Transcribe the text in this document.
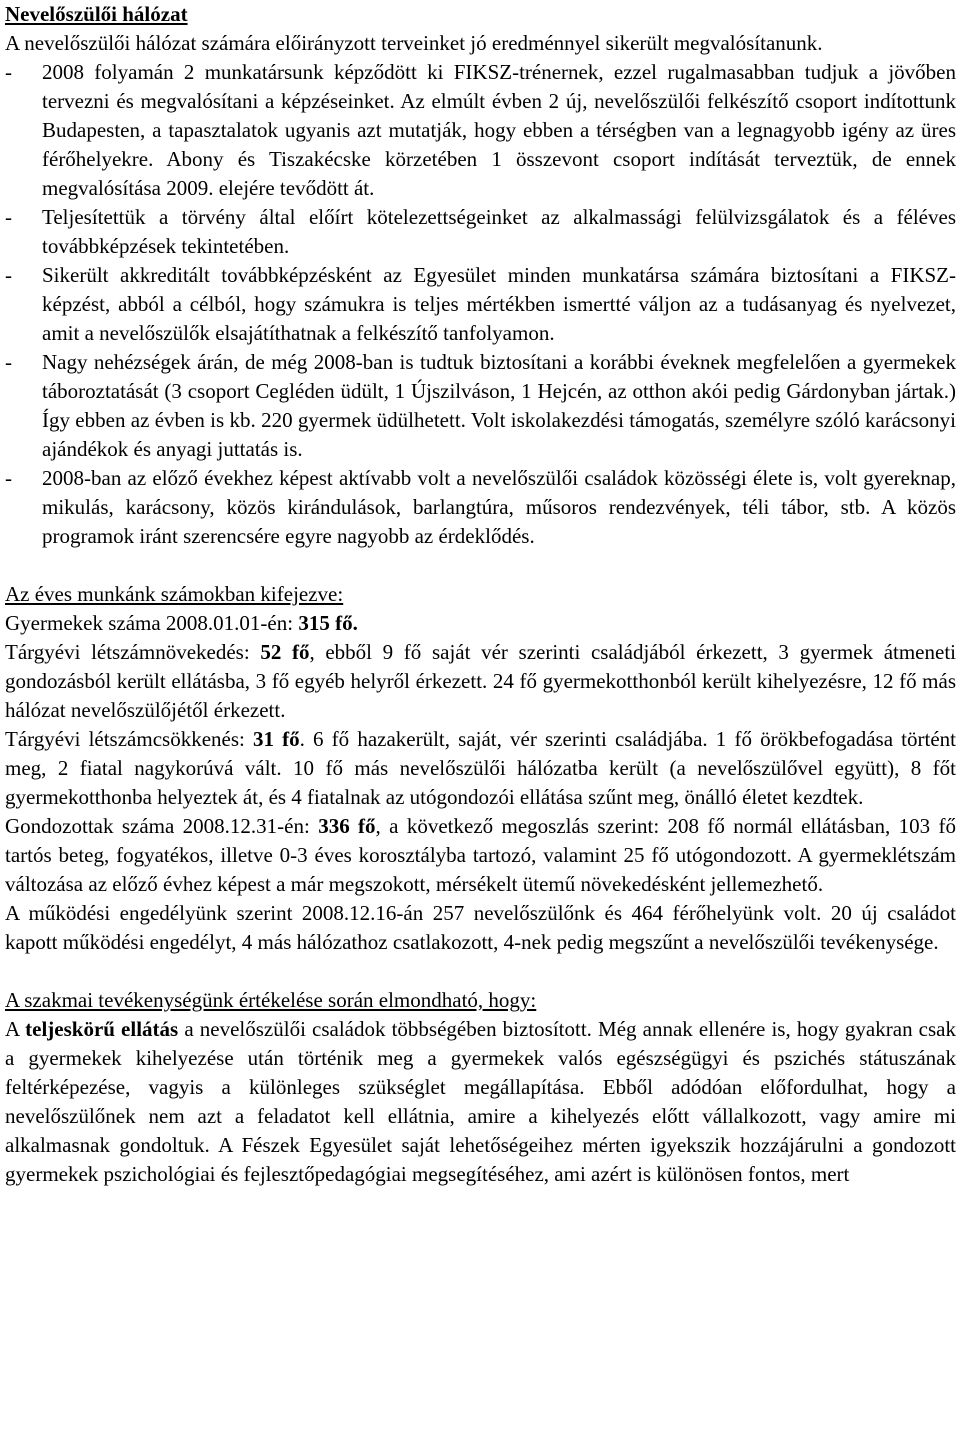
Nevelőszülői hálózat

A nevelőszülői hálózat számára előirányzott terveinket jó eredménnyel sikerült megvalósítanunk.

- 2008 folyamán 2 munkatársunk képződött ki FIKSZ-trénernek, ezzel rugalmasabban tudjuk a jövőben tervezni és megvalósítani a képzéseinket. Az elmúlt évben 2 új, nevelőszülői felkészítő csoport indítottunk Budapesten, a tapasztalatok ugyanis azt mutatják, hogy ebben a térségben van a legnagyobb igény az üres férőhelyekre. Abony és Tiszakécske körzetében 1 összevont csoport indítását terveztük, de ennek megvalósítása 2009. elejére tevődött át.
- Teljesítettük a törvény által előírt kötelezettségeinket az alkalmassági felülvizsgálatok és a féléves továbbképzések tekintetében.
- Sikerült akkreditált továbbképzésként az Egyesület minden munkatársa számára biztosítani a FIKSZ-képzést, abból a célból, hogy számukra is teljes mértékben ismertté váljon az a tudásanyag és nyelvezet, amit a nevelőszülők elsajátíthatnak a felkészítő tanfolyamon.
- Nagy nehézségek árán, de még 2008-ban is tudtuk biztosítani a korábbi éveknek megfelelően a gyermekek táboroztatását (3 csoport Cegléden üdült, 1 Újszilváson, 1 Hejcén, az otthon akói pedig Gárdonyban jártak.) Így ebben az évben is kb. 220 gyermek üdülhetett. Volt iskolakezdési támogatás, személyre szóló karácsonyi ajándékok és anyagi juttatás is.
- 2008-ban az előző évekhez képest aktívabb volt a nevelőszülői családok közösségi élete is, volt gyereknap, mikulás, karácsony, közös kirándulások, barlangtúra, műsoros rendezvények, téli tábor, stb. A közös programok iránt szerencsére egyre nagyobb az érdeklődés.
Az éves munkánk számokban kifejezve:

Gyermekek száma 2008.01.01-én: 315 fő.

Tárgyévi létszámnövekedés: 52 fő, ebből 9 fő saját vér szerinti családjából érkezett, 3 gyermek átmeneti gondozásból került ellátásba, 3 fő egyéb helyről érkezett. 24 fő gyermekotthonból került kihelyezésre, 12 fő más hálózat nevelőszülőjétől érkezett.

Tárgyévi létszámcsökkenés: 31 fő. 6 fő hazakerült, saját, vér szerinti családjába. 1 fő örökbefogadása történt meg, 2 fiatal nagykorúvá vált. 10 fő más nevelőszülői hálózatba került (a nevelőszülővel együtt), 8 főt gyermekotthonba helyeztek át, és 4 fiatalnak az utógondozói ellátása szűnt meg, önálló életet kezdtek.

Gondozottak száma 2008.12.31-én: 336 fő, a következő megoszlás szerint: 208 fő normál ellátásban, 103 fő tartós beteg, fogyatékos, illetve 0-3 éves korosztályba tartozó, valamint 25 fő utógondozott. A gyermeklétszám változása az előző évhez képest a már megszokott, mérsékelt ütemű növekedésként jellemezhető.

A működési engedélyünk szerint 2008.12.16-án 257 nevelőszülőnk és 464 férőhelyünk volt. 20 új családot kapott működési engedélyt, 4 más hálózathoz csatlakozott, 4-nek pedig megszűnt a nevelőszülői tevékenysége.

A szakmai tevékenységünk értékelése során elmondható, hogy:

A teljeskörű ellátás a nevelőszülői családok többségében biztosított. Még annak ellenére is, hogy gyakran csak a gyermekek kihelyezése után történik meg a gyermekek valós egészségügyi és pszichés státuszának feltérképezése, vagyis a különleges szükséglet megállapítása. Ebből adódóan előfordulhat, hogy a nevelőszülőnek nem azt a feladatot kell ellátnia, amire a kihelyezés előtt vállalkozott, vagy amire mi alkalmasnak gondoltuk. A Fészek Egyesület saját lehetőségeihez mérten igyekszik hozzájárulni a gondozott gyermekek pszichológiai és fejlesztőpedagógiai megsegítéséhez, ami azért is különösen fontos, mert
